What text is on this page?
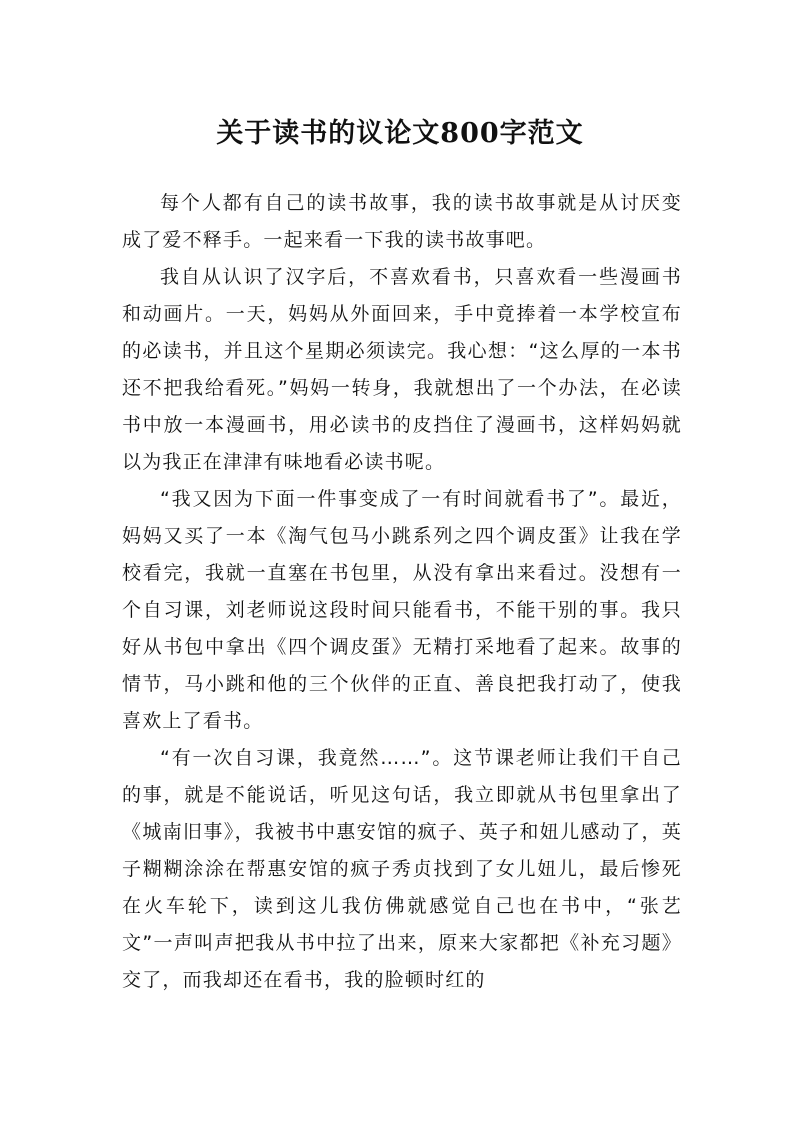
关于读书的议论文800字范文

每个人都有自己的读书故事，我的读书故事就是从讨厌变成了爱不释手。一起来看一下我的读书故事吧。

我自从认识了汉字后，不喜欢看书，只喜欢看一些漫画书和动画片。一天，妈妈从外面回来，手中竟捧着一本学校宣布的必读书，并且这个星期必须读完。我心想：“这么厚的一本书还不把我给看死。”妈妈一转身，我就想出了一个办法，在必读书中放一本漫画书，用必读书的皮挡住了漫画书，这样妈妈就以为我正在津津有味地看必读书呢。

“我又因为下面一件事变成了一有时间就看书了”。最近，妈妈又买了一本《淘气包马小跳系列之四个调皮蛋》让我在学校看完，我就一直塞在书包里，从没有拿出来看过。没想有一个自习课，刘老师说这段时间只能看书，不能干别的事。我只好从书包中拿出《四个调皮蛋》无精打采地看了起来。故事的情节，马小跳和他的三个伙伴的正直、善良把我打动了，使我喜欢上了看书。

“有一次自习课，我竟然……”。这节课老师让我们干自己的事，就是不能说话，听见这句话，我立即就从书包里拿出了《城南旧事》，我被书中惠安馆的疯子、英子和妞儿感动了，英子糊糊涂涂在帮惠安馆的疯子秀贞找到了女儿妞儿，最后惨死在火车轮下，读到这儿我仿佛就感觉自己也在书中，“张艺文”一声叫声把我从书中拉了出来，原来大家都把《补充习题》交了，而我却还在看书，我的脸顿时红的
